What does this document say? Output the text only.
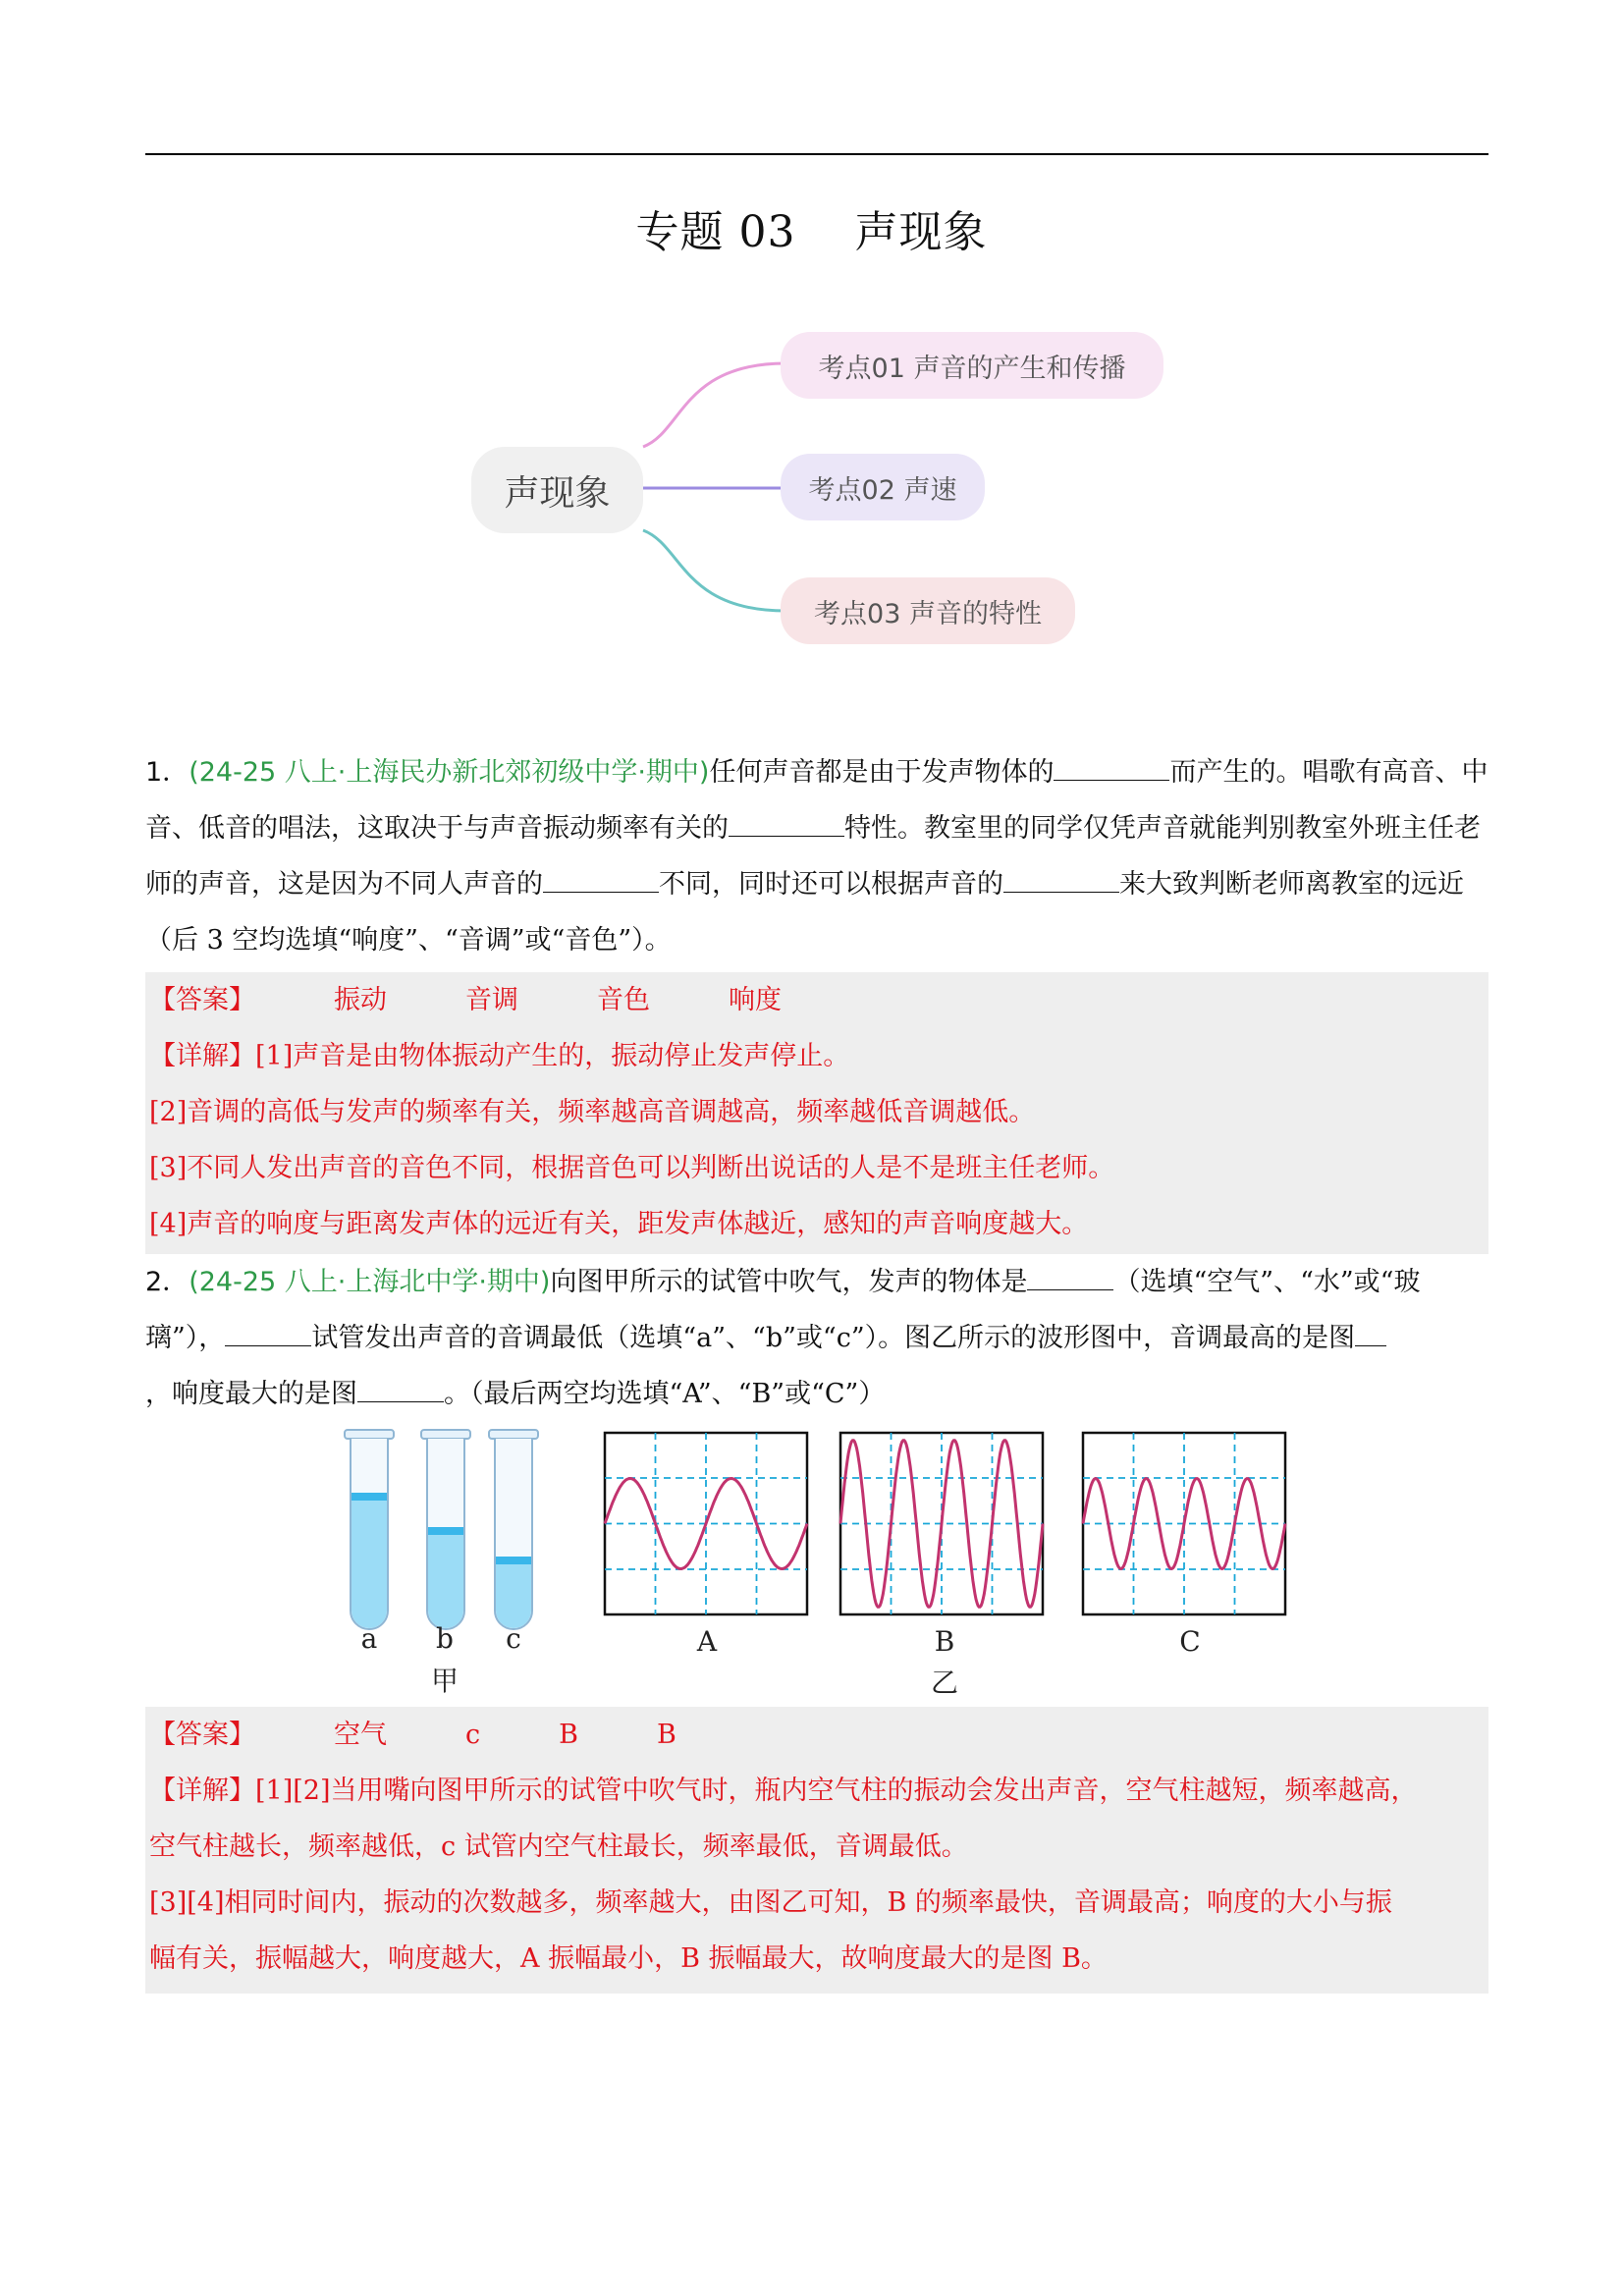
专题 03    声现象
声现象
考点01 声音的产生和传播
考点02 声速
考点03 声音的特性
1．(24-25 八上·上海民办新北郊初级中学·期中)任何声音都是由于发声物体的	而产生的。唱歌有高音、中音、低音的唱法，这取决于与声音振动频率有关的	特性。教室里的同学仅凭声音就能判别教室外班主任老师的声音，这是因为不同人声音的	不同，同时还可以根据声音的	来大致判断老师离教室的远近（后 3 空均选填“响度”、“音调”或“音色”）。
【答案】	振动	音调	音色	响度
【详解】[1]声音是由物体振动产生的，振动停止发声停止。
[2]音调的高低与发声的频率有关，频率越高音调越高，频率越低音调越低。
[3]不同人发出声音的音色不同，根据音色可以判断出说话的人是不是班主任老师。
[4]声音的响度与距离发声体的远近有关，距发声体越近，感知的声音响度越大。
2．(24-25 八上·上海北中学·期中)向图甲所示的试管中吹气，发声的物体是	（选填“空气”、“水”或“玻
璃”），	试管发出声音的音调最低（选填“a”、“b”或“c”）。图乙所示的波形图中，音调最高的是图
，响度最大的是图	。（最后两空均选填“A”、“B”或“C”）
a b c
甲
A	B	C
乙
【答案】	空气	c	B	B
【详解】[1][2]当用嘴向图甲所示的试管中吹气时，瓶内空气柱的振动会发出声音，空气柱越短，频率越高，
空气柱越长，频率越低，c 试管内空气柱最长，频率最低，音调最低。
[3][4]相同时间内，振动的次数越多，频率越大，由图乙可知，B 的频率最快，音调最高；响度的大小与振
幅有关，振幅越大，响度越大，A 振幅最小，B 振幅最大，故响度最大的是图 B。
